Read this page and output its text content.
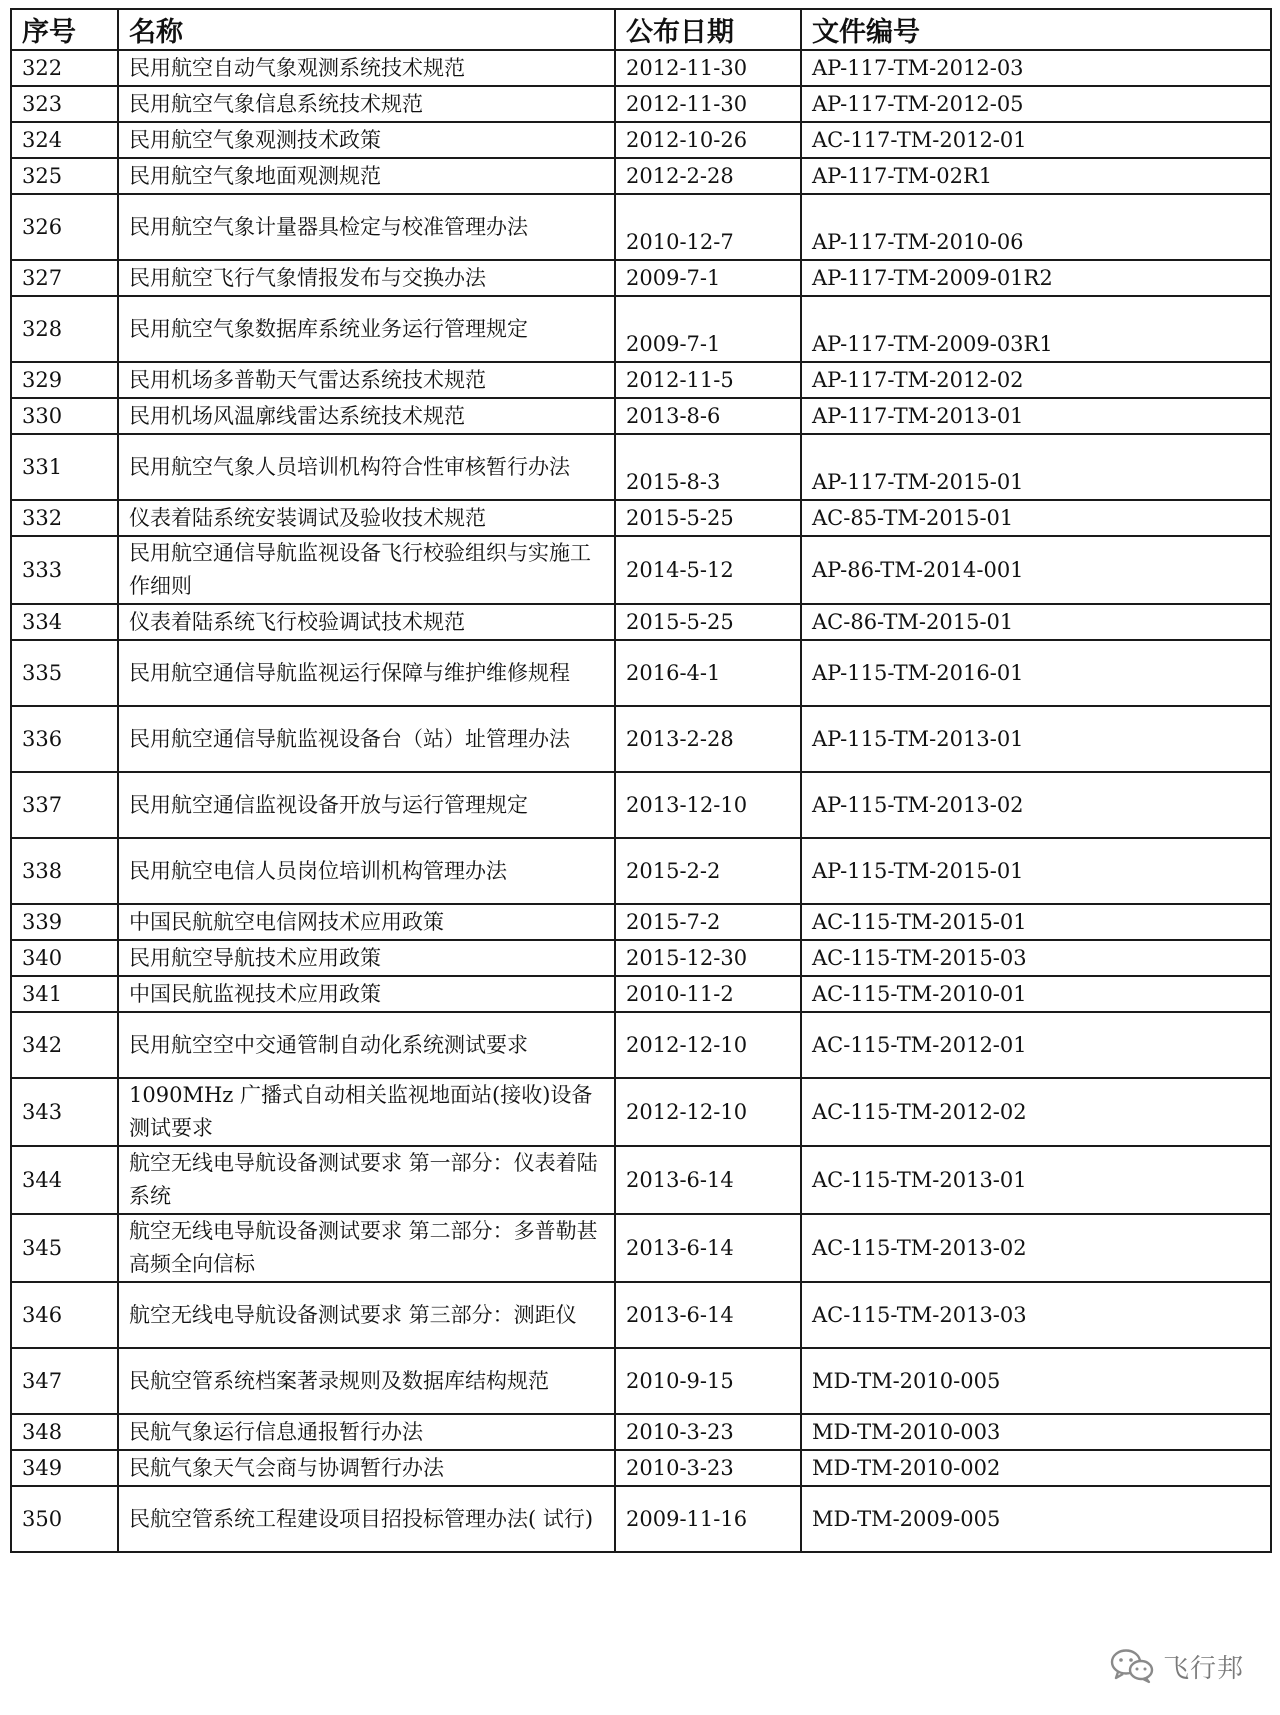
序号	名称	公布日期	文件编号
322	民用航空自动气象观测系统技术规范	2012-11-30	AP-117-TM-2012-03
323	民用航空气象信息系统技术规范	2012-11-30	AP-117-TM-2012-05
324	民用航空气象观测技术政策	2012-10-26	AC-117-TM-2012-01
325	民用航空气象地面观测规范	2012-2-28	AP-117-TM-02R1
326	民用航空气象计量器具检定与校准管理办法	2010-12-7	AP-117-TM-2010-06
327	民用航空飞行气象情报发布与交换办法	2009-7-1	AP-117-TM-2009-01R2
328	民用航空气象数据库系统业务运行管理规定	2009-7-1	AP-117-TM-2009-03R1
329	民用机场多普勒天气雷达系统技术规范	2012-11-5	AP-117-TM-2012-02
330	民用机场风温廓线雷达系统技术规范	2013-8-6	AP-117-TM-2013-01
331	民用航空气象人员培训机构符合性审核暂行办法	2015-8-3	AP-117-TM-2015-01
332	仪表着陆系统安装调试及验收技术规范	2015-5-25	AC-85-TM-2015-01
333	民用航空通信导航监视设备飞行校验组织与实施工作细则	2014-5-12	AP-86-TM-2014-001
334	仪表着陆系统飞行校验调试技术规范	2015-5-25	AC-86-TM-2015-01
335	民用航空通信导航监视运行保障与维护维修规程	2016-4-1	AP-115-TM-2016-01
336	民用航空通信导航监视设备台（站）址管理办法	2013-2-28	AP-115-TM-2013-01
337	民用航空通信监视设备开放与运行管理规定	2013-12-10	AP-115-TM-2013-02
338	民用航空电信人员岗位培训机构管理办法	2015-2-2	AP-115-TM-2015-01
339	中国民航航空电信网技术应用政策	2015-7-2	AC-115-TM-2015-01
340	民用航空导航技术应用政策	2015-12-30	AC-115-TM-2015-03
341	中国民航监视技术应用政策	2010-11-2	AC-115-TM-2010-01
342	民用航空空中交通管制自动化系统测试要求	2012-12-10	AC-115-TM-2012-01
343	1090MHz 广播式自动相关监视地面站(接收)设备测试要求	2012-12-10	AC-115-TM-2012-02
344	航空无线电导航设备测试要求 第一部分：仪表着陆系统	2013-6-14	AC-115-TM-2013-01
345	航空无线电导航设备测试要求 第二部分：多普勒甚高频全向信标	2013-6-14	AC-115-TM-2013-02
346	航空无线电导航设备测试要求 第三部分：测距仪	2013-6-14	AC-115-TM-2013-03
347	民航空管系统档案著录规则及数据库结构规范	2010-9-15	MD-TM-2010-005
348	民航气象运行信息通报暂行办法	2010-3-23	MD-TM-2010-003
349	民航气象天气会商与协调暂行办法	2010-3-23	MD-TM-2010-002
350	民航空管系统工程建设项目招投标管理办法( 试行)	2009-11-16	MD-TM-2009-005
飞行邦
